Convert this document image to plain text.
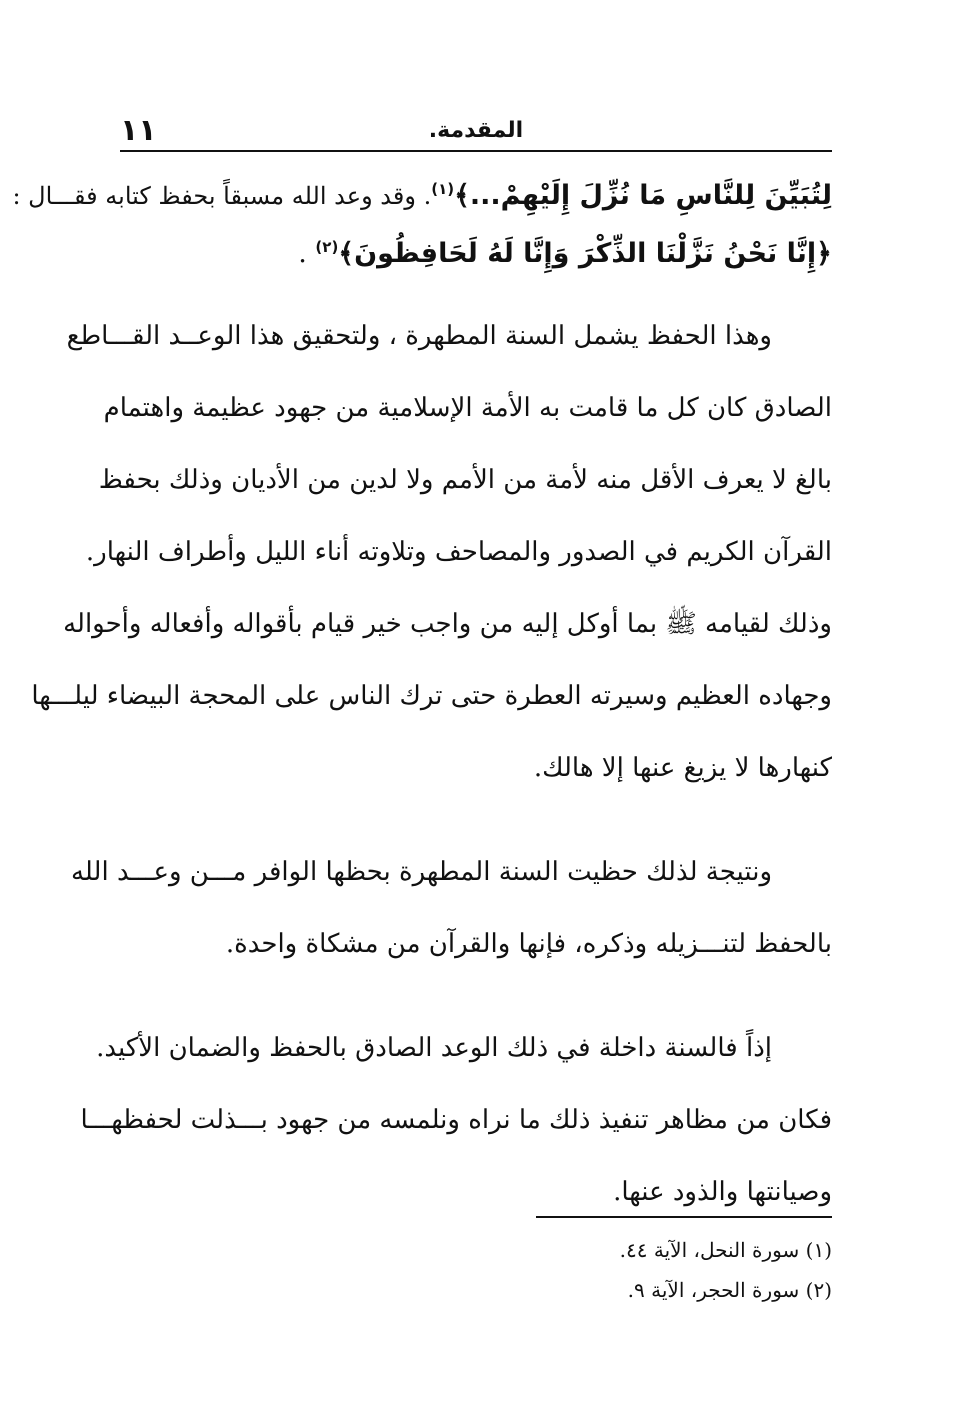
١١	المقدمة.
لِتُبَيِّنَ لِلنَّاسِ مَا نُزِّلَ إِلَيْهِمْ...﴾$^{(١)}$. وقد وعد الله مسبقاً بحفظ كتابه فقـــال :
﴿إِنَّا نَحْنُ نَزَّلْنَا الذِّكْرَ وَإِنَّا لَهُ لَحَافِظُونَ﴾$^{(٢)}$ .
وهذا الحفظ يشمل السنة المطهرة ، ولتحقيق هذا الوعــد القـــاطع
الصادق كان كل ما قامت به الأمة الإسلامية من جهود عظيمة واهتمام
بالغ لا يعرف الأقل منه لأمة من الأمم ولا لدين من الأديان وذلك بحفظ
القرآن الكريم في الصدور والمصاحف وتلاوته أناء الليل وأطراف النهار.
وذلك لقيامه ﷺ بما أوكل إليه من واجب خير قيام بأقواله وأفعاله وأحواله
وجهاده العظيم وسيرته العطرة حتى ترك الناس على المحجة البيضاء ليلـــها
كنهارها لا يزيغ عنها إلا هالك.
ونتيجة لذلك حظيت السنة المطهرة بحظها الوافر مـــن وعـــد الله
بالحفظ لتنـــزيله وذكره، فإنها والقرآن من مشكاة واحدة.
إذاً فالسنة داخلة في ذلك الوعد الصادق بالحفظ والضمان الأكيد.
فكان من مظاهر تنفيذ ذلك ما نراه ونلمسه من جهود بـــذلت لحفظهـــا
وصيانتها والذود عنها.
(١) سورة النحل، الآية ٤٤.
(٢) سورة الحجر، الآية ٩.
